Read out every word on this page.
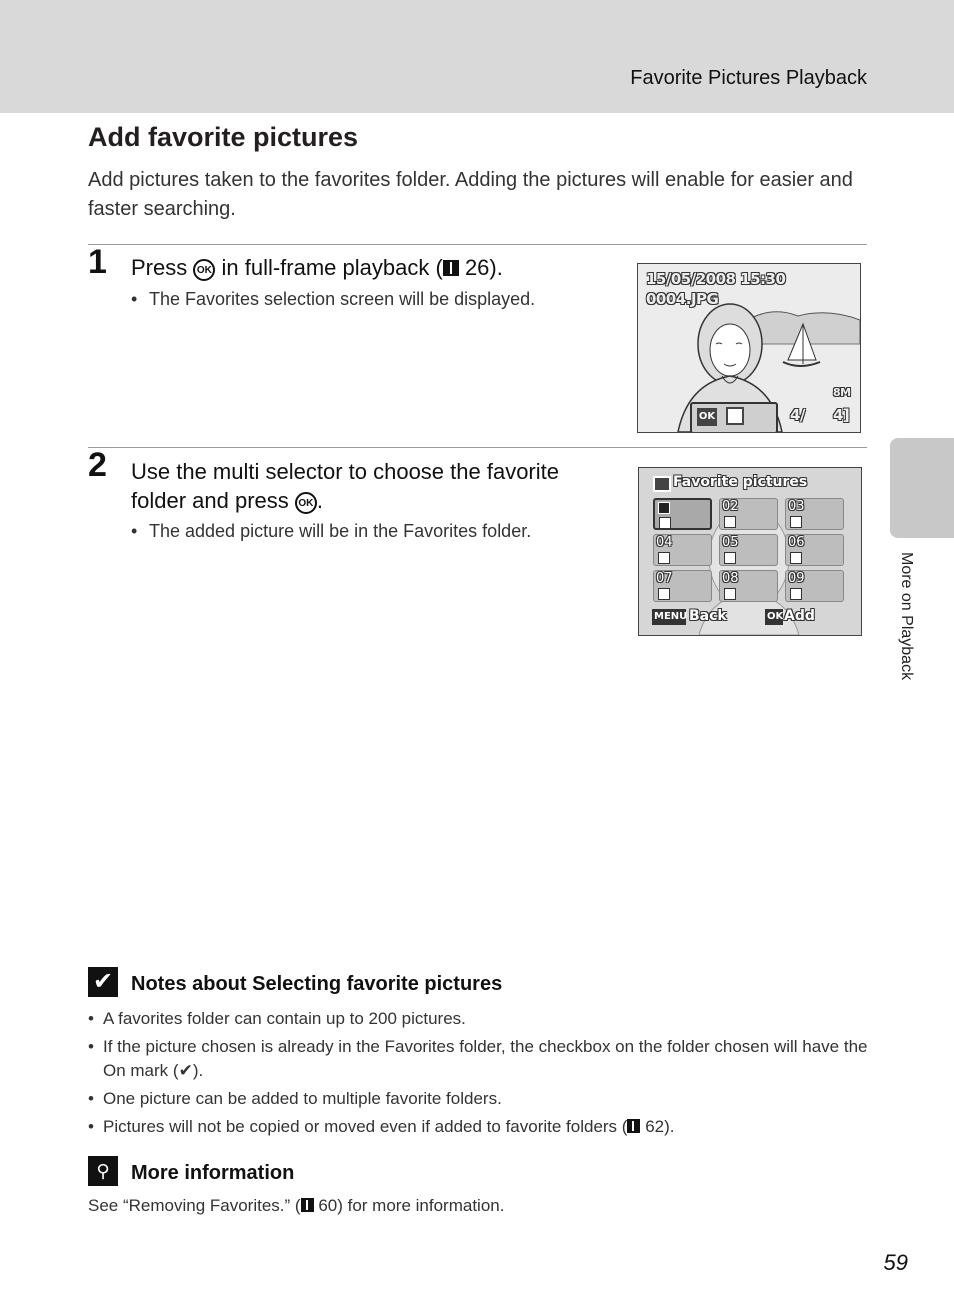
Favorite Pictures Playback
Add favorite pictures
Add pictures taken to the favorites folder. Adding the pictures will enable for easier and faster searching.
1 Press OK in full-frame playback ( 26).
• The Favorites selection screen will be displayed.
15/05/2008 15:30
0004.JPG
8M
4/ 4]
OK
2 Use the multi selector to choose the favorite
folder and press OK .
• The added picture will be in the Favorites folder.
Favorite pictures
02	03
04	05	06
07	08	09
MENU Back	OK Add
✔ Notes about Selecting favorite pictures
• A favorites folder can contain up to 200 pictures.
• If the picture chosen is already in the Favorites folder, the checkbox on the folder chosen will have the On mark (✔).
• One picture can be added to multiple favorite folders.
• Pictures will not be copied or moved even if added to favorite folders ( 62).
⚲	More information
See “Removing Favorites.” ( 60) for more information.
More on Playback
59
